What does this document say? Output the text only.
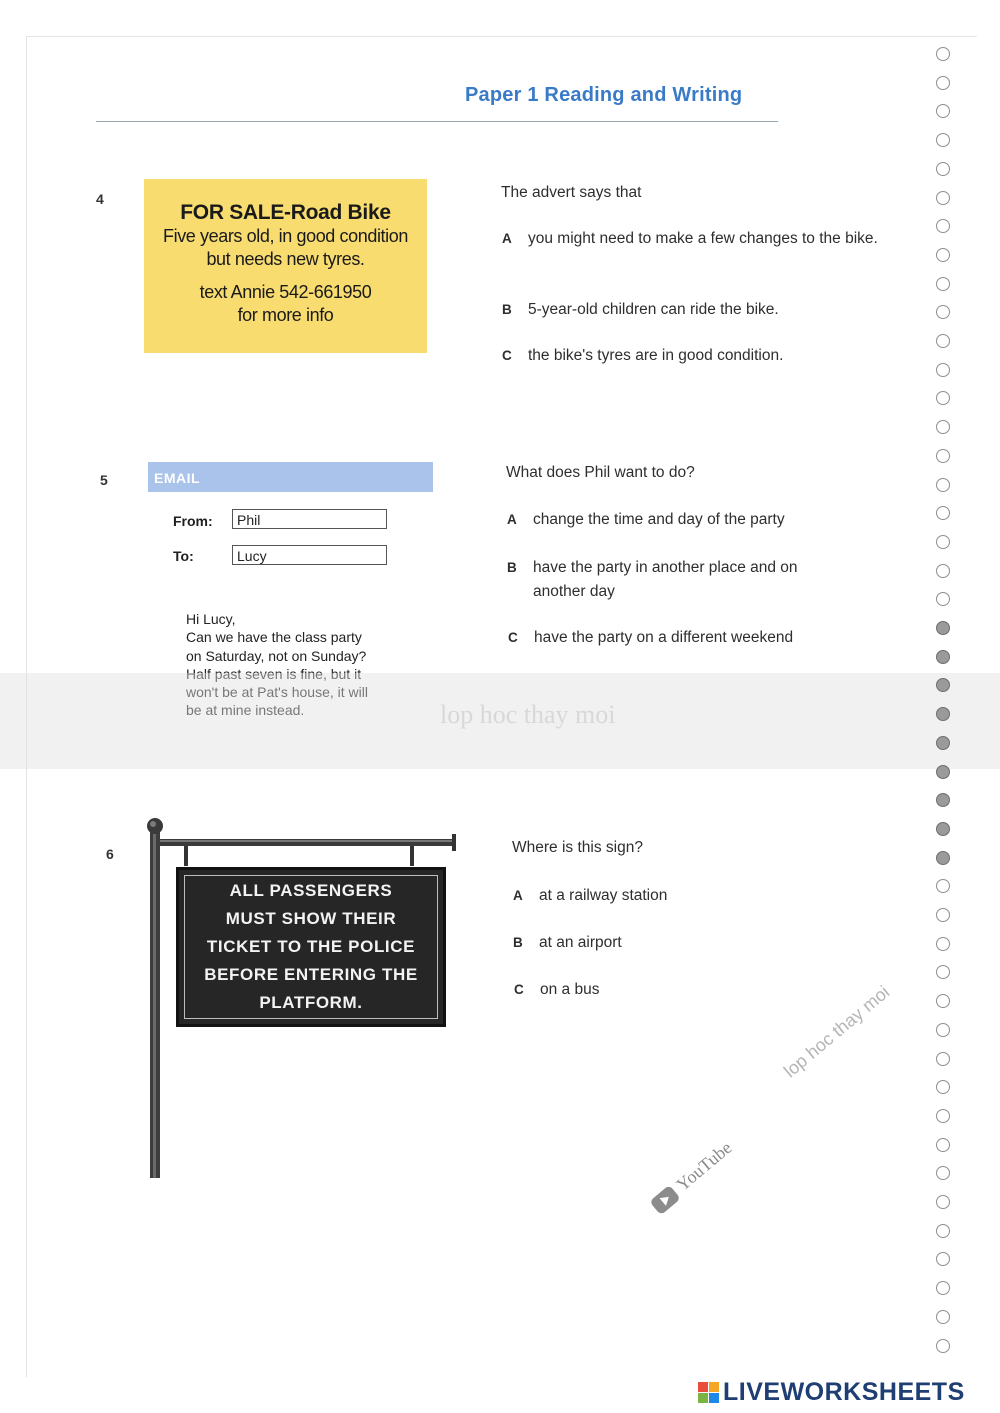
Paper 1 Reading and Writing
4
FOR SALE-Road Bike
Five years old, in good condition
but needs new tyres.
text Annie 542-661950
for more info
The advert says that
A	you might need to make a few changes to the bike.
B	5-year-old children can ride the bike.
C	the bike's tyres are in good condition.
5	EMAIL
From:	Phil
To:	Lucy
Hi Lucy,
Can we have the class party
on Saturday, not on Sunday?
Half past seven is fine, but it
won't be at Pat's house, it will
be at mine instead.
What does Phil want to do?
A	change the time and day of the party
B	have the party in another place and on another day
C	have the party on a different weekend
lop hoc thay moi
6
ALL PASSENGERS
MUST SHOW THEIR
TICKET TO THE POLICE
BEFORE ENTERING THE
PLATFORM.
Where is this sign?
A	at a railway station
B	at an airport
C	on a bus	lop hoc thay moi
YouTube
LIVEWORKSHEETS
